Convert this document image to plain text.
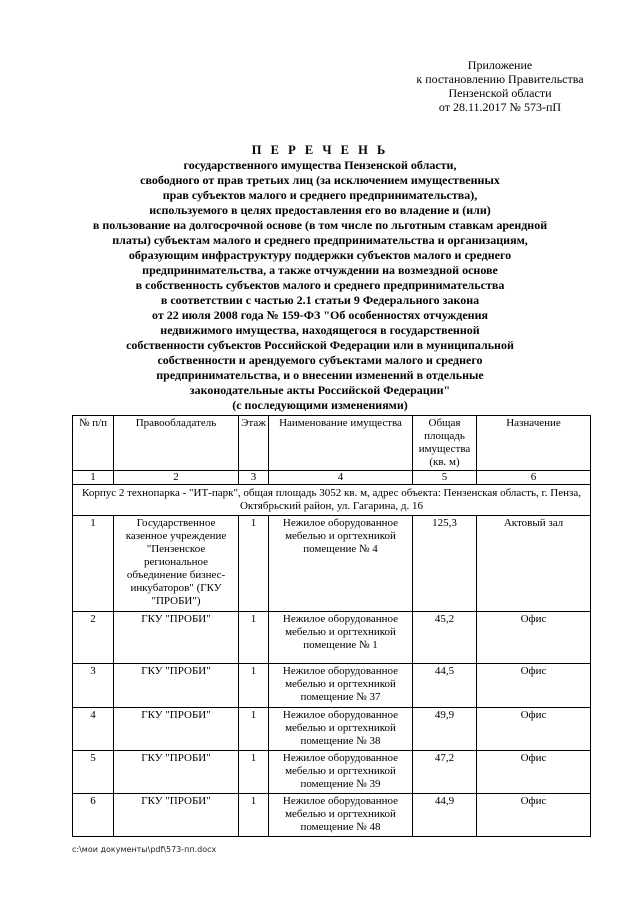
Приложение
к постановлению Правительства
Пензенской области
от 28.11.2017 № 573-пП
П Е Р Е Ч Е Н Ь
государственного имущества Пензенской области,
свободного от прав третьих лиц (за исключением имущественных
прав субъектов малого и среднего предпринимательства),
используемого в целях предоставления его во владение и (или)
в пользование на долгосрочной основе (в том числе по льготным ставкам арендной
платы) субъектам малого и среднего предпринимательства и организациям,
образующим инфраструктуру поддержки субъектов малого и среднего
предпринимательства, а также отчуждении на возмездной основе
в собственность субъектов малого и среднего предпринимательства
в соответствии с частью 2.1 статьи 9 Федерального закона
от 22 июля 2008 года № 159-ФЗ "Об особенностях отчуждения
недвижимого имущества, находящегося в государственной
собственности субъектов Российской Федерации или в муниципальной
собственности и арендуемого субъектами малого и среднего
предпринимательства, и о внесении изменений в отдельные
законодательные акты Российской Федерации"
(с последующими изменениями)
№ п/п	Правообладатель	Этаж	Наименование имущества	Общая площадь имущества (кв. м)	Назначение
1	2	3	4	5	6
Корпус 2 технопарка - "ИТ-парк", общая площадь 3052 кв. м, адрес объекта: Пензенская область, г. Пенза, Октябрьский район, ул. Гагарина, д. 16					
1	Государственное казенное учреждение "Пензенское региональное объединение бизнес-инкубаторов" (ГКУ "ПРОБИ")	1	Нежилое оборудованное мебелью и оргтехникой помещение № 4	125,3	Актовый зал
2	ГКУ "ПРОБИ"	1	Нежилое оборудованное мебелью и оргтехникой помещение № 1	45,2	Офис
3	ГКУ "ПРОБИ"	1	Нежилое оборудованное мебелью и оргтехникой помещение № 37	44,5	Офис
4	ГКУ "ПРОБИ"	1	Нежилое оборудованное мебелью и оргтехникой помещение № 38	49,9	Офис
5	ГКУ "ПРОБИ"	1	Нежилое оборудованное мебелью и оргтехникой помещение № 39	47,2	Офис
6	ГКУ "ПРОБИ"	1	Нежилое оборудованное мебелью и оргтехникой помещение № 48	44,9	Офис
c:\мои документы\pdf\573-пп.docx
